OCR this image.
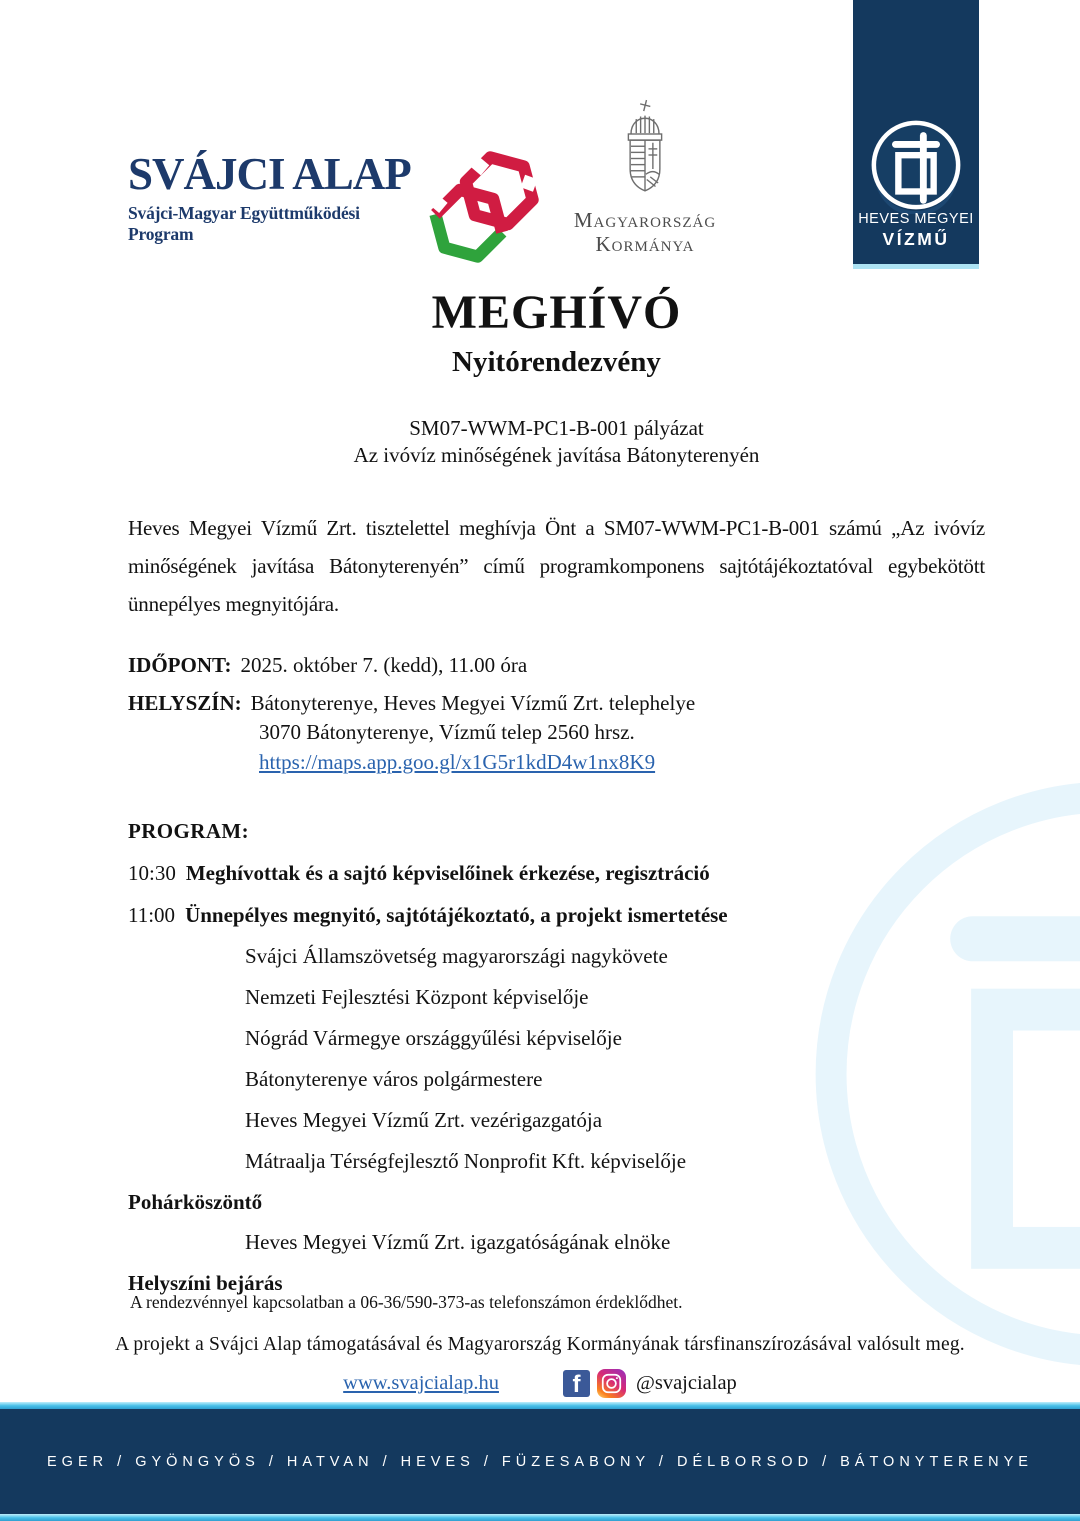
SVÁJCI ALAP
Svájci-Magyar Együttműködési Program
Magyarország
Kormánya
HEVES MEGYEI
VÍZMŰ
MEGHÍVÓ
Nyitórendezvény
SM07-WWM-PC1-B-001 pályázat
Az ivóvíz minőségének javítása Bátonyterenyén
Heves Megyei Vízmű Zrt. tisztelettel meghívja Önt a SM07-WWM-PC1-B-001 számú „Az ivóvíz minőségének javítása Bátonyterenyén” című programkomponens sajtótájékoztatóval egybekötött ünnepélyes megnyitójára.
IDŐPONT: 2025. október 7. (kedd), 11.00 óra
HELYSZÍN: Bátonyterenye, Heves Megyei Vízmű Zrt. telephelye
3070 Bátonyterenye, Vízmű telep 2560 hrsz.
https://maps.app.goo.gl/x1G5r1kdD4w1nx8K9
PROGRAM:
10:30 Meghívottak és a sajtó képviselőinek érkezése, regisztráció
11:00 Ünnepélyes megnyitó, sajtótájékoztató, a projekt ismertetése
Svájci Államszövetség magyarországi nagykövete
Nemzeti Fejlesztési Központ képviselője
Nógrád Vármegye országgyűlési képviselője
Bátonyterenye város polgármestere
Heves Megyei Vízmű Zrt. vezérigazgatója
Mátraalja Térségfejlesztő Nonprofit Kft. képviselője
Pohárköszöntő
Heves Megyei Vízmű Zrt. igazgatóságának elnöke
Helyszíni bejárás
A rendezvénnyel kapcsolatban a 06-36/590-373-as telefonszámon érdeklődhet.
A projekt a Svájci Alap támogatásával és Magyarország Kormányának társfinanszírozásával valósult meg.
www.svajcialap.hu	f	@svajcialap
EGER / GYÖNGYÖS / HATVAN / HEVES / FÜZESABONY / DÉLBORSOD / BÁTONYTERENYE
